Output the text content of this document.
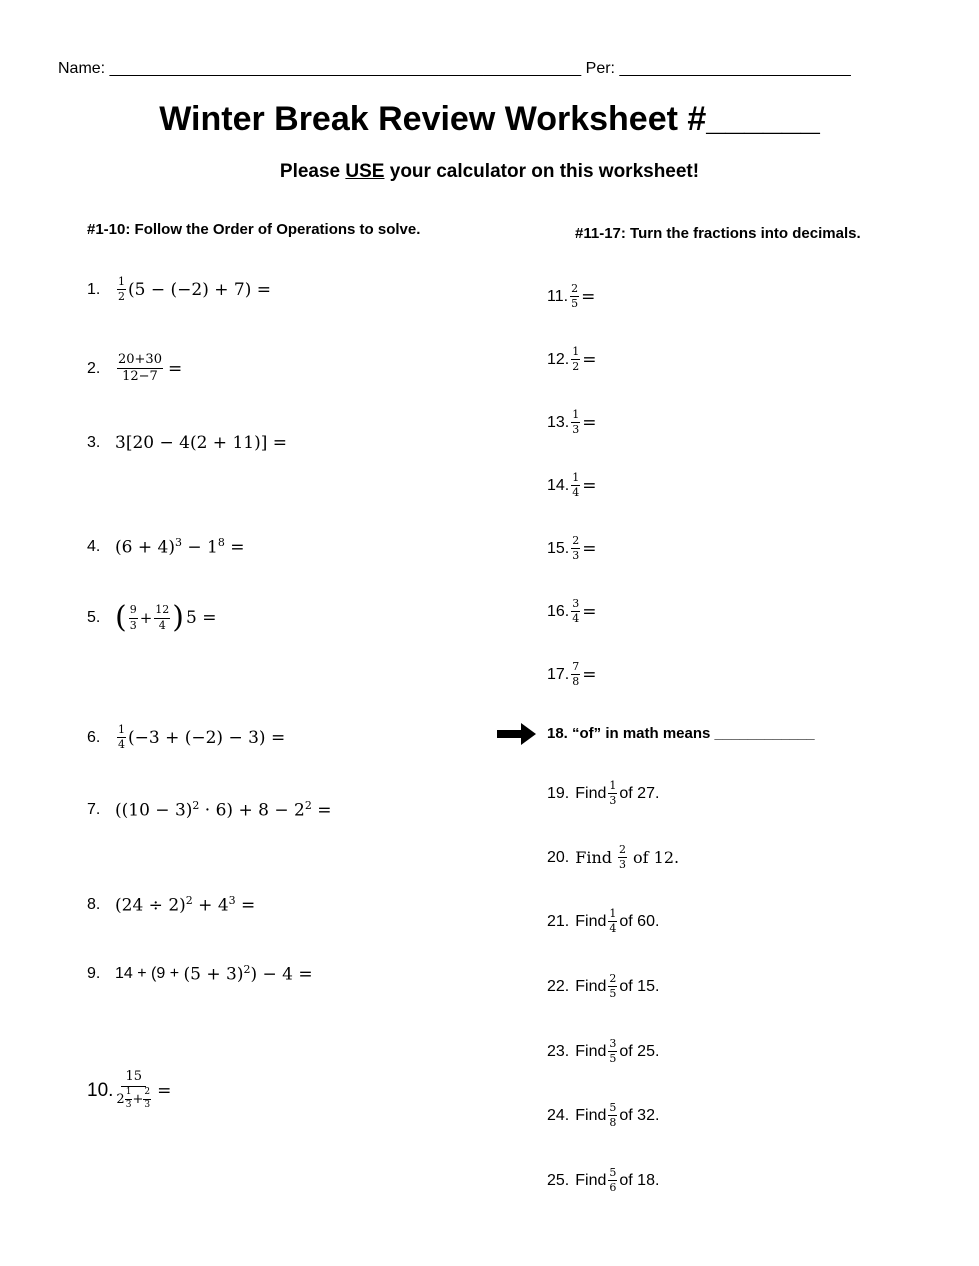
Name: _____________________________________________________ Per: __________________________
Winter Break Review Worksheet #______
Please USE your calculator on this worksheet!
#1-10: Follow the Order of Operations to solve.	#11-17: Turn the fractions into decimals.
1.	$\frac{1}{2} (5 - (-2) + 7)$ =
2.	$\frac{20+30}{12-7}$ =
3. 3[20 − 4(2 + 11)] =
4. $(6 + 4)^3 - 1^8$ =
5. ( $\frac{9}{3} + \frac{12}{4}$ ) 5 =
6.	$\frac{1}{4} (-3 + (-2) - 3)$ =
7. $((10 - 3)^2 \cdot 6) + 8 - 2^2$ =
8. $(24 \div 2)^2 + 4^3$ =
9. $14 + (9 + (5 + 3)^2) - 4$ =
10. $\frac{15}{2 \frac{1}{3} + \frac{2}{3}}$ =
11. $\frac{2}{5}$ =
12. $\frac{1}{2}$ =
13. $\frac{1}{3}$ =
14. $\frac{1}{4}$ =
15. $\frac{2}{3}$ =
16. $\frac{3}{4}$ =
17. $\frac{7}{8}$ =
18. “of” in math means ____________
19. Find $\frac{1}{3}$ of 27.
20. Find $\frac{2}{3}$ of 12.
21. Find $\frac{1}{4}$ of 60.
22. Find $\frac{2}{5}$ of 15.
23. Find $\frac{3}{5}$ of 25.
24. Find $\frac{5}{8}$ of 32.
25. Find $\frac{5}{6}$ of 18.
